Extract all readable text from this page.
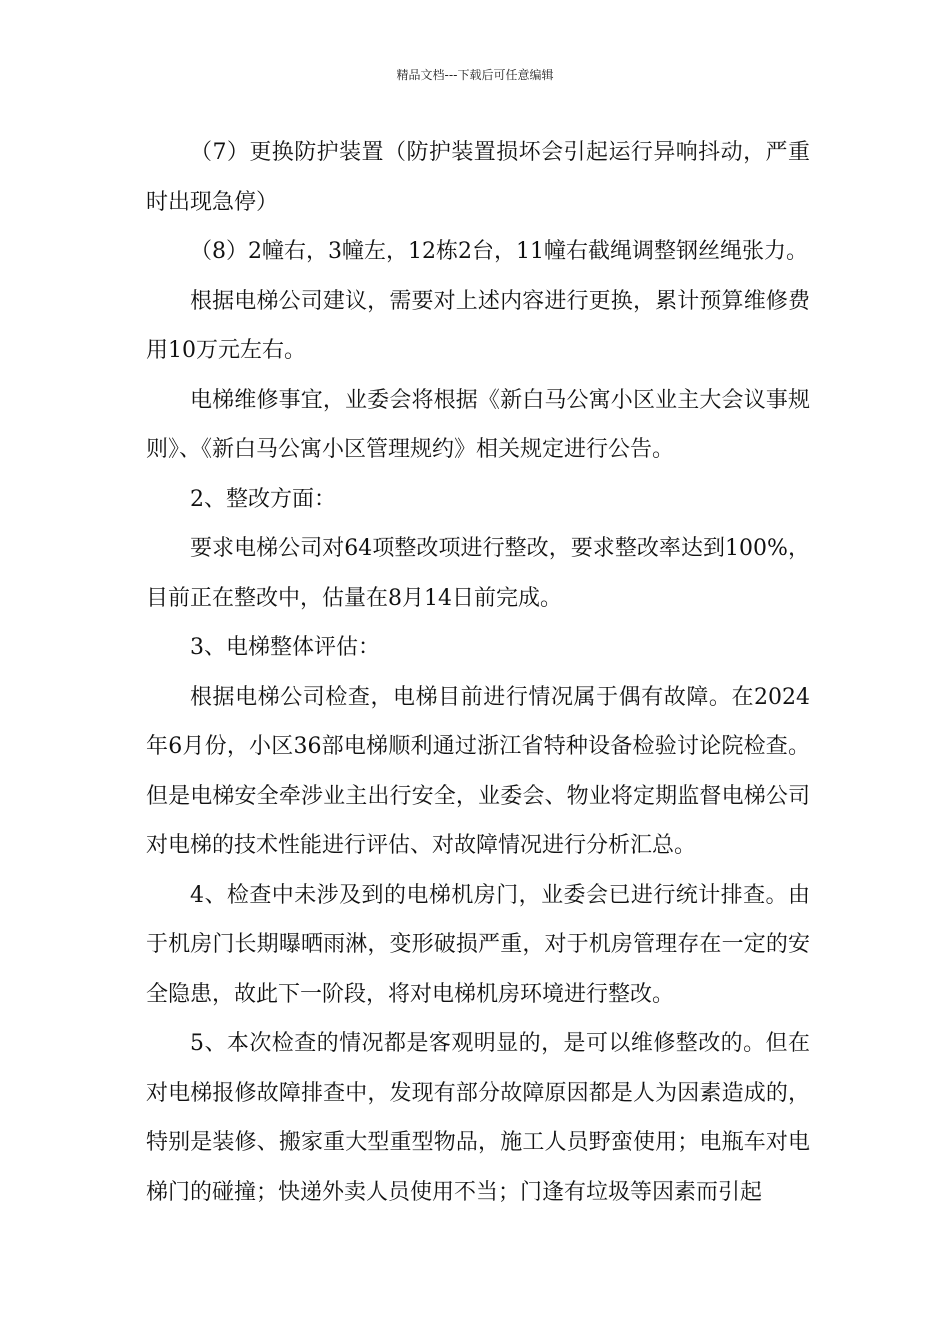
精品文档---下载后可任意编辑

（7）更换防护装置（防护装置损坏会引起运行异响抖动，严重时出现急停）

（8）2幢右，3幢左，12栋2台，11幢右截绳调整钢丝绳张力。

根据电梯公司建议，需要对上述内容进行更换，累计预算维修费用10万元左右。

电梯维修事宜，业委会将根据《新白马公寓小区业主大会议事规则》、《新白马公寓小区管理规约》相关规定进行公告。

2、整改方面：

要求电梯公司对64项整改项进行整改，要求整改率达到100%，目前正在整改中，估量在8月14日前完成。

3、电梯整体评估：

根据电梯公司检查，电梯目前进行情况属于偶有故障。在2024年6月份，小区36部电梯顺利通过浙江省特种设备检验讨论院检查。但是电梯安全牵涉业主出行安全，业委会、物业将定期监督电梯公司对电梯的技术性能进行评估、对故障情况进行分析汇总。

4、检查中未涉及到的电梯机房门，业委会已进行统计排查。由于机房门长期曝晒雨淋，变形破损严重，对于机房管理存在一定的安全隐患，故此下一阶段，将对电梯机房环境进行整改。

5、本次检查的情况都是客观明显的，是可以维修整改的。但在对电梯报修故障排查中，发现有部分故障原因都是人为因素造成的，特别是装修、搬家重大型重型物品，施工人员野蛮使用；电瓶车对电梯门的碰撞；快递外卖人员使用不当；门逢有垃圾等因素而引起
